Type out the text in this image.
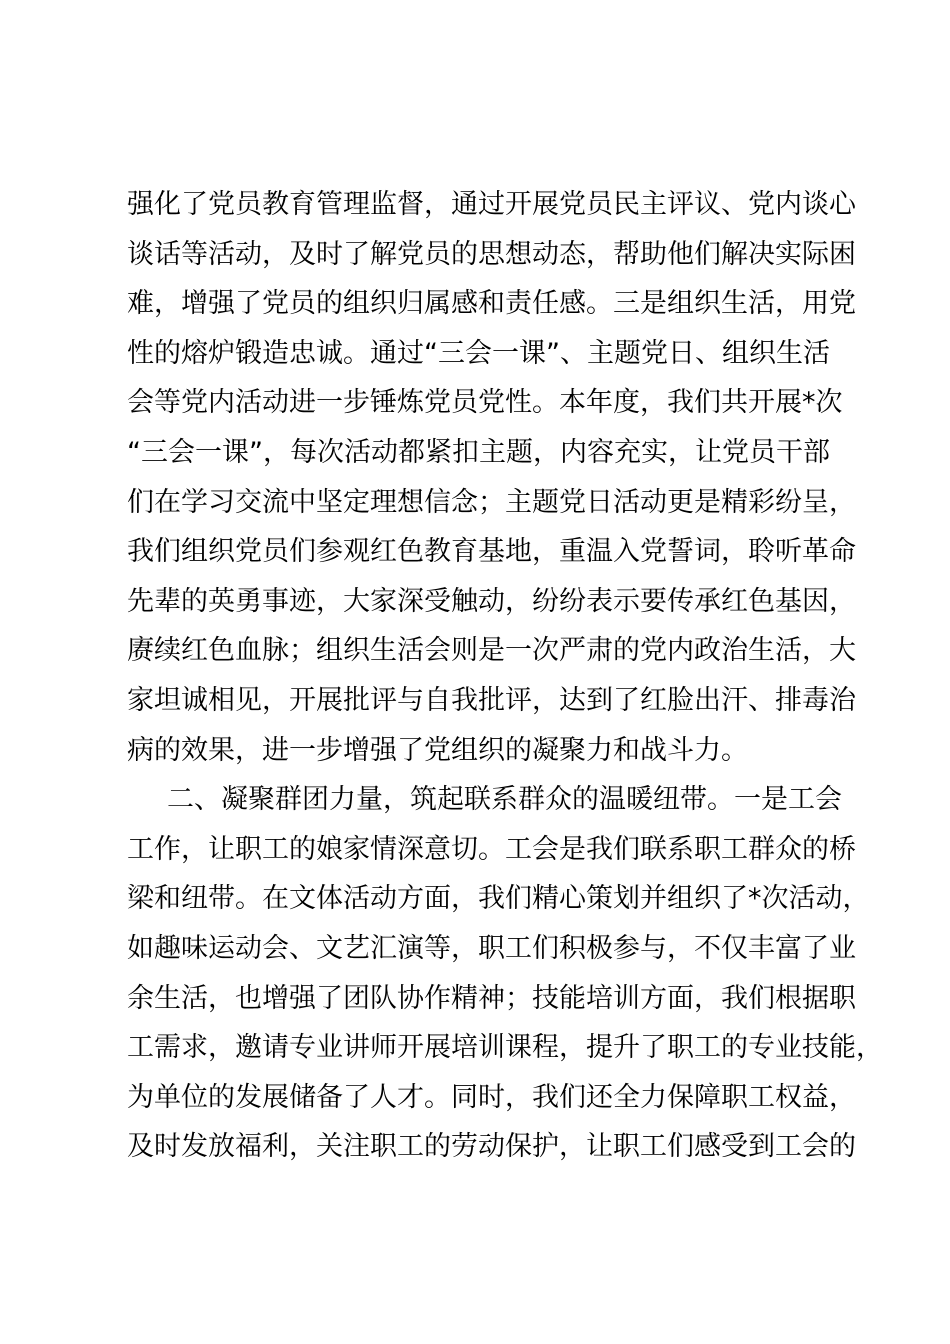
强化了党员教育管理监督，通过开展党员民主评议、党内谈心
谈话等活动，及时了解党员的思想动态，帮助他们解决实际困
难，增强了党员的组织归属感和责任感。三是组织生活，用党
性的熔炉锻造忠诚。通过“三会一课”、主题党日、组织生活
会等党内活动进一步锤炼党员党性。本年度，我们共开展*次
“三会一课”，每次活动都紧扣主题，内容充实，让党员干部
们在学习交流中坚定理想信念；主题党日活动更是精彩纷呈，
我们组织党员们参观红色教育基地，重温入党誓词，聆听革命
先辈的英勇事迹，大家深受触动，纷纷表示要传承红色基因，
赓续红色血脉；组织生活会则是一次严肃的党内政治生活，大
家坦诚相见，开展批评与自我批评，达到了红脸出汗、排毒治
病的效果，进一步增强了党组织的凝聚力和战斗力。
二、凝聚群团力量，筑起联系群众的温暖纽带。一是工会
工作，让职工的娘家情深意切。工会是我们联系职工群众的桥
梁和纽带。在文体活动方面，我们精心策划并组织了*次活动，
如趣味运动会、文艺汇演等，职工们积极参与，不仅丰富了业
余生活，也增强了团队协作精神；技能培训方面，我们根据职
工需求，邀请专业讲师开展培训课程，提升了职工的专业技能，
为单位的发展储备了人才。同时，我们还全力保障职工权益，
及时发放福利，关注职工的劳动保护，让职工们感受到工会的
